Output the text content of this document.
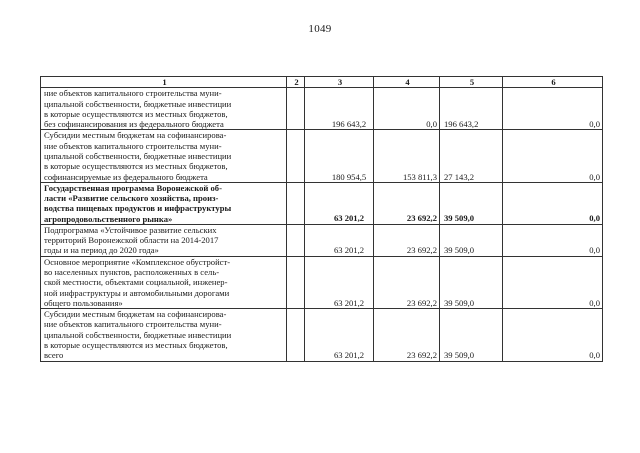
1049
1	2	3	4	5	6
ние объектов капитального строительства муни-
ципальной собственности, бюджетные инвестиции
в которые осуществляются из местных бюджетов,
без софинансирования из федерального бюджета		196 643,2	0,0	196 643,2	0,0
Субсидии местным бюджетам на софинансирова-
ние объектов капитального строительства муни-
ципальной собственности, бюджетные инвестиции
в которые осуществляются из местных бюджетов,
софинансируемые из федерального бюджета		180 954,5	153 811,3	27 143,2	0,0
Государственная программа Воронежской об-
ласти «Развитие сельского хозяйства, произ-
водства пищевых продуктов и инфраструктуры
агропродовольственного рынка»		63 201,2	23 692,2	39 509,0	0,0
Подпрограмма «Устойчивое развитие сельских
территорий Воронежской области на 2014-2017
годы и на период до 2020 года»		63 201,2	23 692,2	39 509,0	0,0
Основное мероприятие «Комплексное обустройст-
во населенных пунктов, расположенных в сель-
ской местности, объектами социальной, инженер-
ной инфраструктуры и автомобильными дорогами
общего пользования»		63 201,2	23 692,2	39 509,0	0,0
Субсидии местным бюджетам на софинансирова-
ние объектов капитального строительства муни-
ципальной собственности, бюджетные инвестиции
в которые осуществляются из местных бюджетов,
всего		63 201,2	23 692,2	39 509,0	0,0
